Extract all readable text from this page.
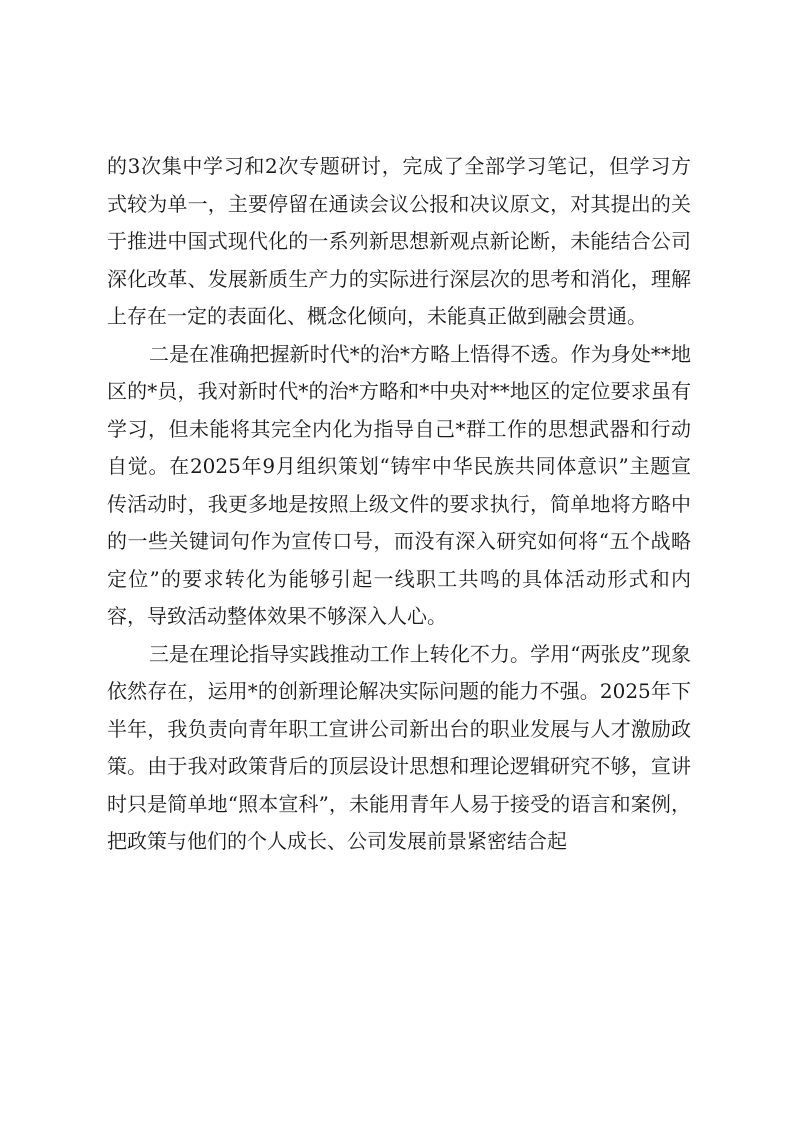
的3次集中学习和2次专题研讨，完成了全部学习笔记，但学习方式较为单一，主要停留在通读会议公报和决议原文，对其提出的关于推进中国式现代化的一系列新思想新观点新论断，未能结合公司深化改革、发展新质生产力的实际进行深层次的思考和消化，理解上存在一定的表面化、概念化倾向，未能真正做到融会贯通。

二是在准确把握新时代*的治*方略上悟得不透。作为身处**地区的*员，我对新时代*的治*方略和*中央对**地区的定位要求虽有学习，但未能将其完全内化为指导自己*群工作的思想武器和行动自觉。在2025年9月组织策划“铸牢中华民族共同体意识”主题宣传活动时，我更多地是按照上级文件的要求执行，简单地将方略中的一些关键词句作为宣传口号，而没有深入研究如何将“五个战略定位”的要求转化为能够引起一线职工共鸣的具体活动形式和内容，导致活动整体效果不够深入人心。

三是在理论指导实践推动工作上转化不力。学用“两张皮”现象依然存在，运用*的创新理论解决实际问题的能力不强。2025年下半年，我负责向青年职工宣讲公司新出台的职业发展与人才激励政策。由于我对政策背后的顶层设计思想和理论逻辑研究不够，宣讲时只是简单地“照本宣科”，未能用青年人易于接受的语言和案例，把政策与他们的个人成长、公司发展前景紧密结合起
